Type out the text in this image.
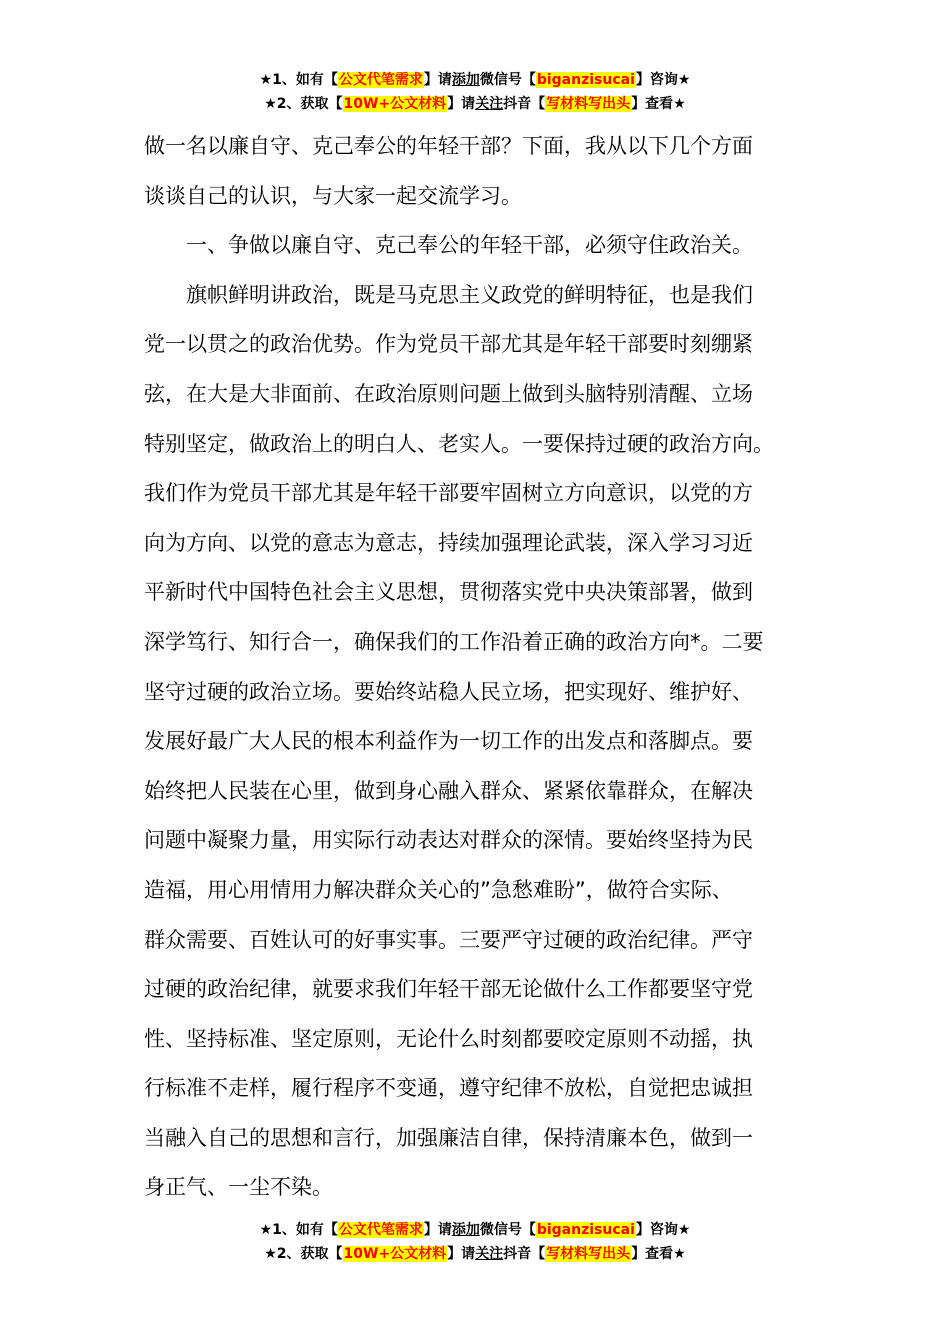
★1、如有【公文代笔需求】请添加微信号【biganzisucai】咨询★
★2、获取【10W+公文材料】请关注抖音【写材料写出头】查看★
做一名以廉自守、克己奉公的年轻干部？下面，我从以下几个方面
谈谈自己的认识，与大家一起交流学习。
一、争做以廉自守、克己奉公的年轻干部，必须守住政治关。
旗帜鲜明讲政治，既是马克思主义政党的鲜明特征，也是我们
党一以贯之的政治优势。作为党员干部尤其是年轻干部要时刻绷紧
弦，在大是大非面前、在政治原则问题上做到头脑特别清醒、立场
特别坚定，做政治上的明白人、老实人。一要保持过硬的政治方向。
我们作为党员干部尤其是年轻干部要牢固树立方向意识，以党的方
向为方向、以党的意志为意志，持续加强理论武装，深入学习习近
平新时代中国特色社会主义思想，贯彻落实党中央决策部署，做到
深学笃行、知行合一，确保我们的工作沿着正确的政治方向*。二要
坚守过硬的政治立场。要始终站稳人民立场，把实现好、维护好、
发展好最广大人民的根本利益作为一切工作的出发点和落脚点。要
始终把人民装在心里，做到身心融入群众、紧紧依靠群众，在解决
问题中凝聚力量，用实际行动表达对群众的深情。要始终坚持为民
造福，用心用情用力解决群众关心的”急愁难盼”，做符合实际、
群众需要、百姓认可的好事实事。三要严守过硬的政治纪律。严守
过硬的政治纪律，就要求我们年轻干部无论做什么工作都要坚守党
性、坚持标准、坚定原则，无论什么时刻都要咬定原则不动摇，执
行标准不走样，履行程序不变通，遵守纪律不放松，自觉把忠诚担
当融入自己的思想和言行，加强廉洁自律，保持清廉本色，做到一
身正气、一尘不染。
★1、如有【公文代笔需求】请添加微信号【biganzisucai】咨询★
★2、获取【10W+公文材料】请关注抖音【写材料写出头】查看★
